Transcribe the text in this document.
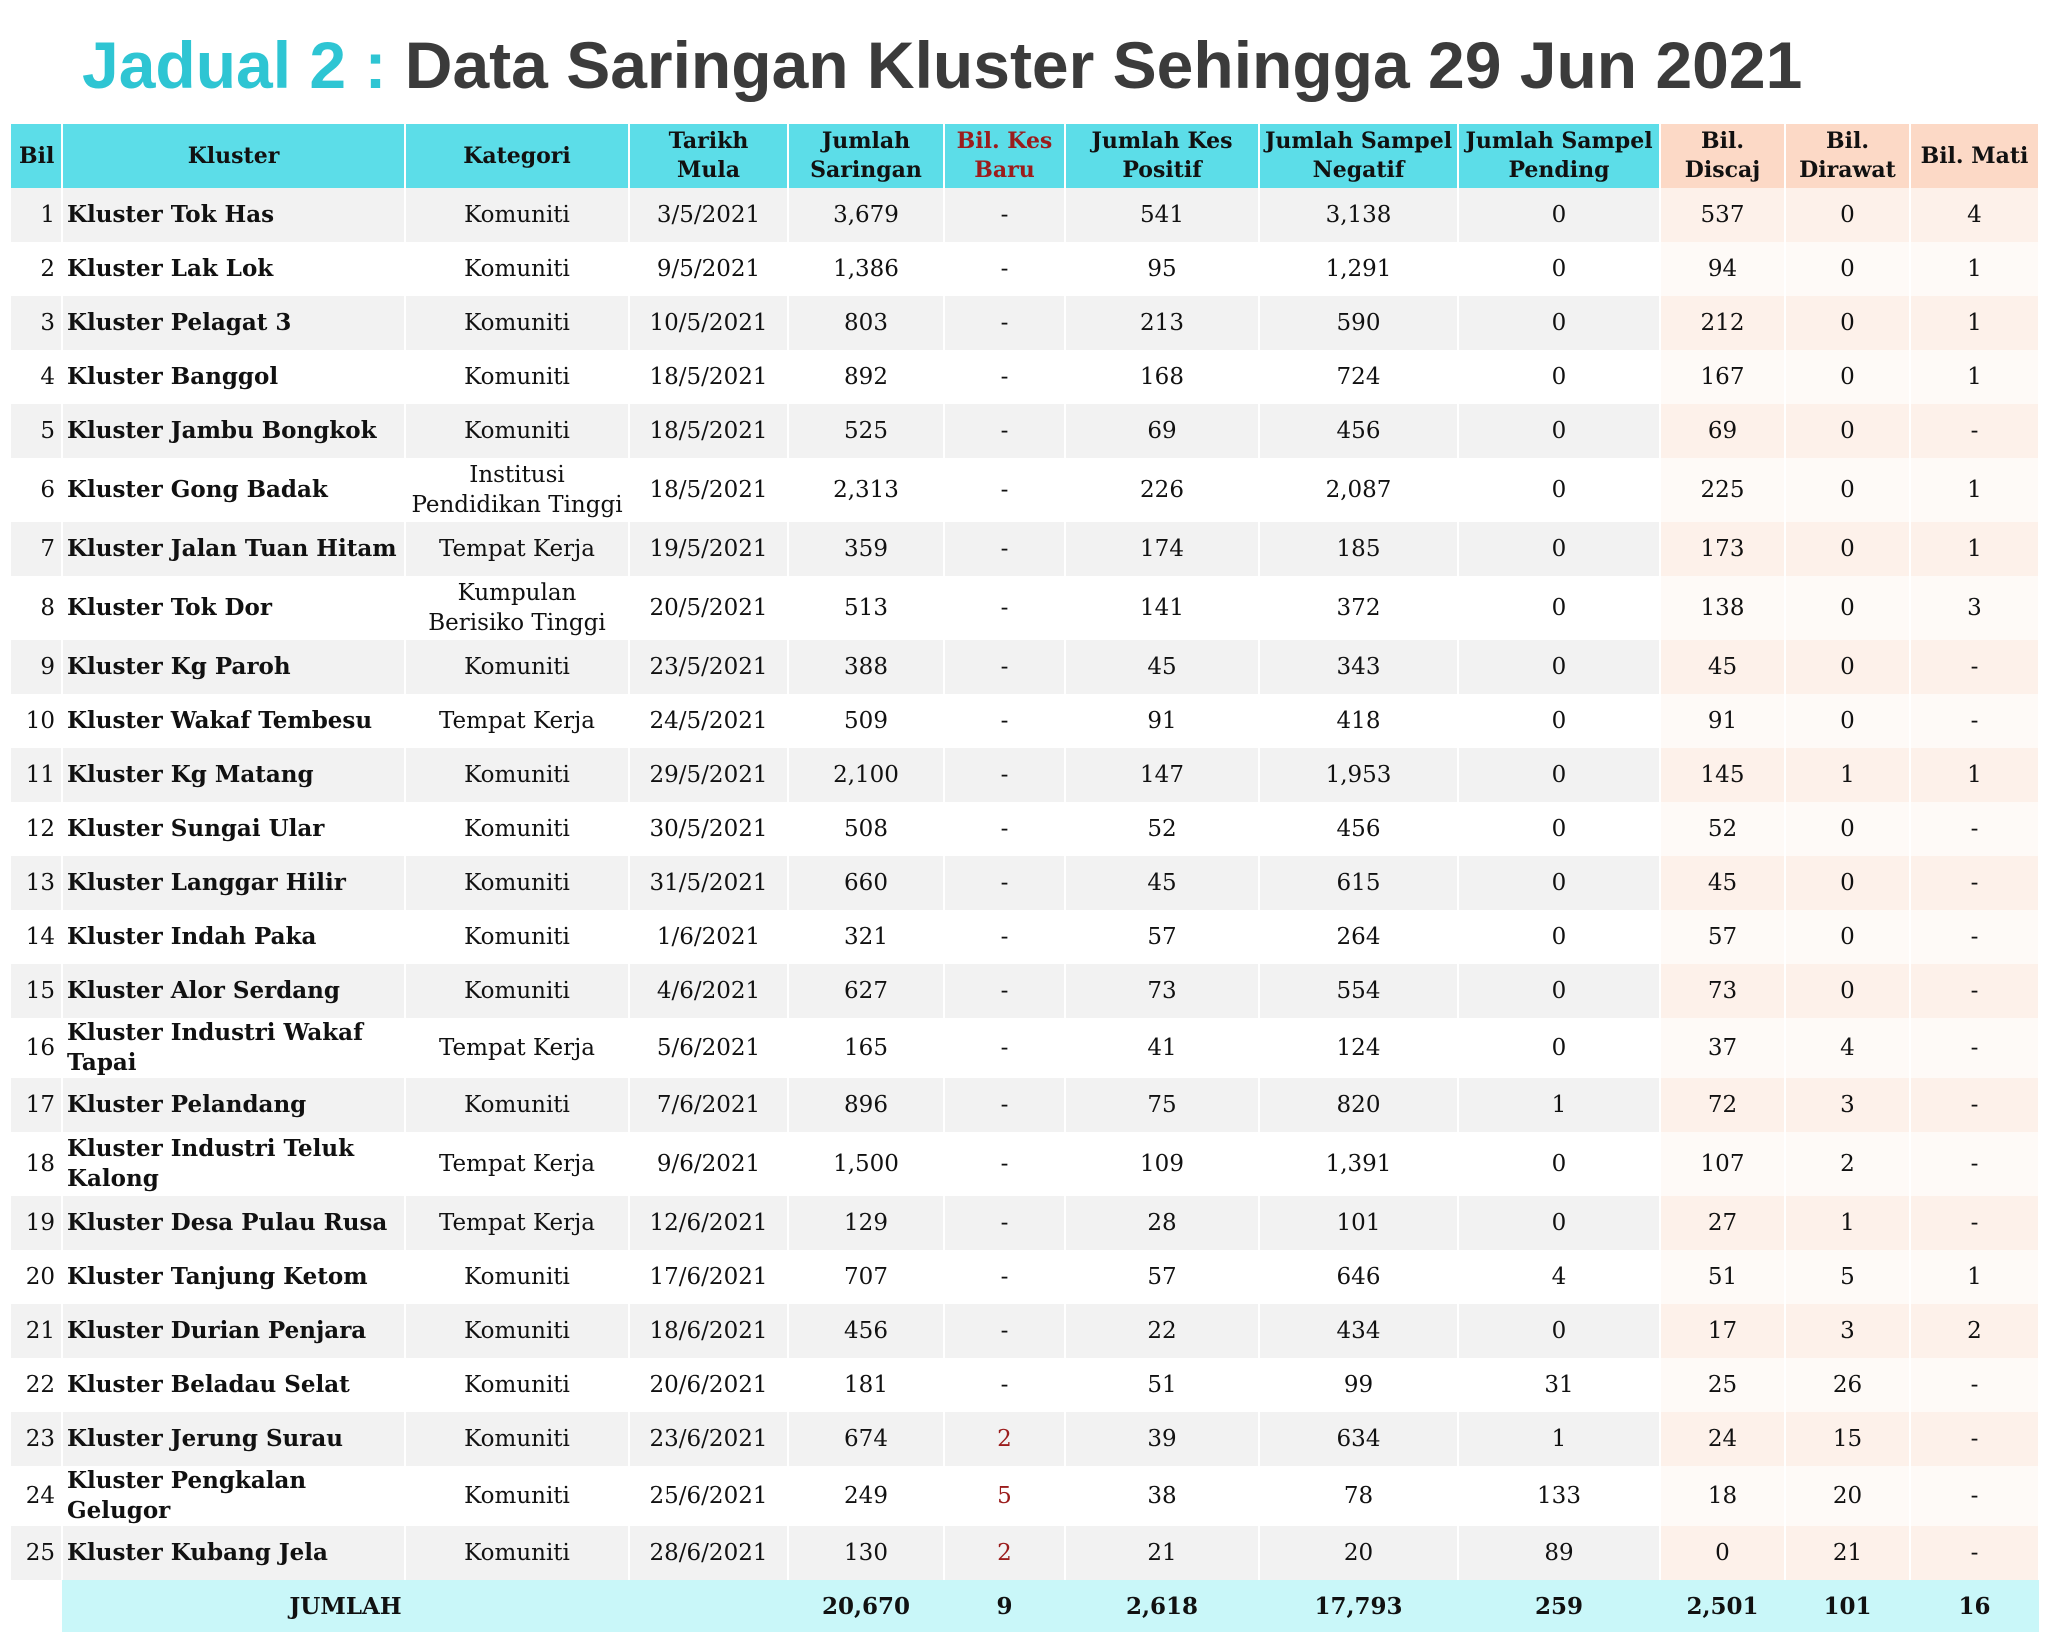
Jadual 2 : Data Saringan Kluster Sehingga 29 Jun 2021
Bil	Kluster	Kategori	Tarikh Mula	Jumlah Saringan	Bil. Kes Baru	Jumlah Kes Positif	Jumlah Sampel Negatif	Jumlah Sampel Pending	Bil. Discaj	Bil. Dirawat	Bil. Mati
1	Kluster Tok Has	Komuniti	3/5/2021	3,679	-	541	3,138	0	537	0	4
2	Kluster Lak Lok	Komuniti	9/5/2021	1,386	-	95	1,291	0	94	0	1
3	Kluster Pelagat 3	Komuniti	10/5/2021	803	-	213	590	0	212	0	1
4	Kluster Banggol	Komuniti	18/5/2021	892	-	168	724	0	167	0	1
5	Kluster Jambu Bongkok	Komuniti	18/5/2021	525	-	69	456	0	69	0	-
6	Kluster Gong Badak	Institusi Pendidikan Tinggi	18/5/2021	2,313	-	226	2,087	0	225	0	1
7	Kluster Jalan Tuan Hitam	Tempat Kerja	19/5/2021	359	-	174	185	0	173	0	1
8	Kluster Tok Dor	Kumpulan Berisiko Tinggi	20/5/2021	513	-	141	372	0	138	0	3
9	Kluster Kg Paroh	Komuniti	23/5/2021	388	-	45	343	0	45	0	-
10	Kluster Wakaf Tembesu	Tempat Kerja	24/5/2021	509	-	91	418	0	91	0	-
11	Kluster Kg Matang	Komuniti	29/5/2021	2,100	-	147	1,953	0	145	1	1
12	Kluster Sungai Ular	Komuniti	30/5/2021	508	-	52	456	0	52	0	-
13	Kluster Langgar Hilir	Komuniti	31/5/2021	660	-	45	615	0	45	0	-
14	Kluster Indah Paka	Komuniti	1/6/2021	321	-	57	264	0	57	0	-
15	Kluster Alor Serdang	Komuniti	4/6/2021	627	-	73	554	0	73	0	-
16	Kluster Industri Wakaf Tapai	Tempat Kerja	5/6/2021	165	-	41	124	0	37	4	-
17	Kluster Pelandang	Komuniti	7/6/2021	896	-	75	820	1	72	3	-
18	Kluster Industri Teluk Kalong	Tempat Kerja	9/6/2021	1,500	-	109	1,391	0	107	2	-
19	Kluster Desa Pulau Rusa	Tempat Kerja	12/6/2021	129	-	28	101	0	27	1	-
20	Kluster Tanjung Ketom	Komuniti	17/6/2021	707	-	57	646	4	51	5	1
21	Kluster Durian Penjara	Komuniti	18/6/2021	456	-	22	434	0	17	3	2
22	Kluster Beladau Selat	Komuniti	20/6/2021	181	-	51	99	31	25	26	-
23	Kluster Jerung Surau	Komuniti	23/6/2021	674	2	39	634	1	24	15	-
24	Kluster Pengkalan Gelugor	Komuniti	25/6/2021	249	5	38	78	133	18	20	-
25	Kluster Kubang Jela	Komuniti	28/6/2021	130	2	21	20	89	0	21	-
	JUMLAH			20,670	9	2,618	17,793	259	2,501	101	16
